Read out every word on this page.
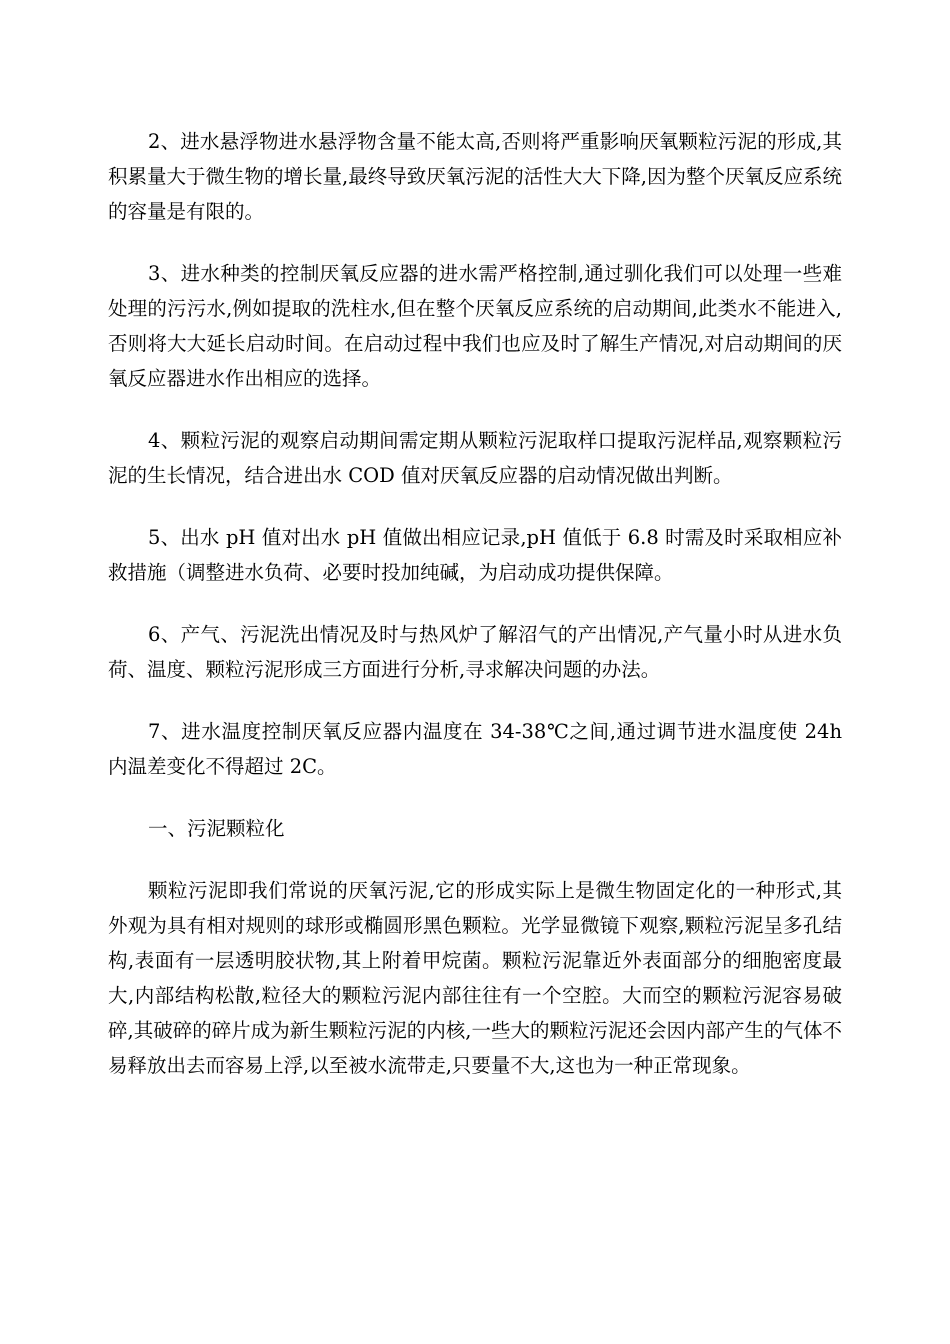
2、进水悬浮物进水悬浮物含量不能太高,否则将严重影响厌氧颗粒污泥的形成,其积累量大于微生物的增长量,最终导致厌氧污泥的活性大大下降,因为整个厌氧反应系统的容量是有限的。

3、进水种类的控制厌氧反应器的进水需严格控制,通过驯化我们可以处理一些难处理的污污水,例如提取的洗柱水,但在整个厌氧反应系统的启动期间,此类水不能进入,否则将大大延长启动时间。在启动过程中我们也应及时了解生产情况,对启动期间的厌氧反应器进水作出相应的选择。

4、颗粒污泥的观察启动期间需定期从颗粒污泥取样口提取污泥样品,观察颗粒污泥的生长情况，结合进出水 COD 值对厌氧反应器的启动情况做出判断。

5、出水 pH 值对出水 pH 值做出相应记录,pH 值低于 6.8 时需及时采取相应补救措施（调整进水负荷、必要时投加纯碱，为启动成功提供保障。

6、产气、污泥洗出情况及时与热风炉了解沼气的产出情况,产气量小时从进水负荷、温度、颗粒污泥形成三方面进行分析,寻求解决问题的办法。

7、进水温度控制厌氧反应器内温度在 34-38℃之间,通过调节进水温度使 24h 内温差变化不得超过 2C。

一、污泥颗粒化

颗粒污泥即我们常说的厌氧污泥,它的形成实际上是微生物固定化的一种形式,其外观为具有相对规则的球形或椭圆形黑色颗粒。光学显微镜下观察,颗粒污泥呈多孔结构,表面有一层透明胶状物,其上附着甲烷菌。颗粒污泥靠近外表面部分的细胞密度最大,内部结构松散,粒径大的颗粒污泥内部往往有一个空腔。大而空的颗粒污泥容易破碎,其破碎的碎片成为新生颗粒污泥的内核,一些大的颗粒污泥还会因内部产生的气体不易释放出去而容易上浮,以至被水流带走,只要量不大,这也为一种正常现象。
